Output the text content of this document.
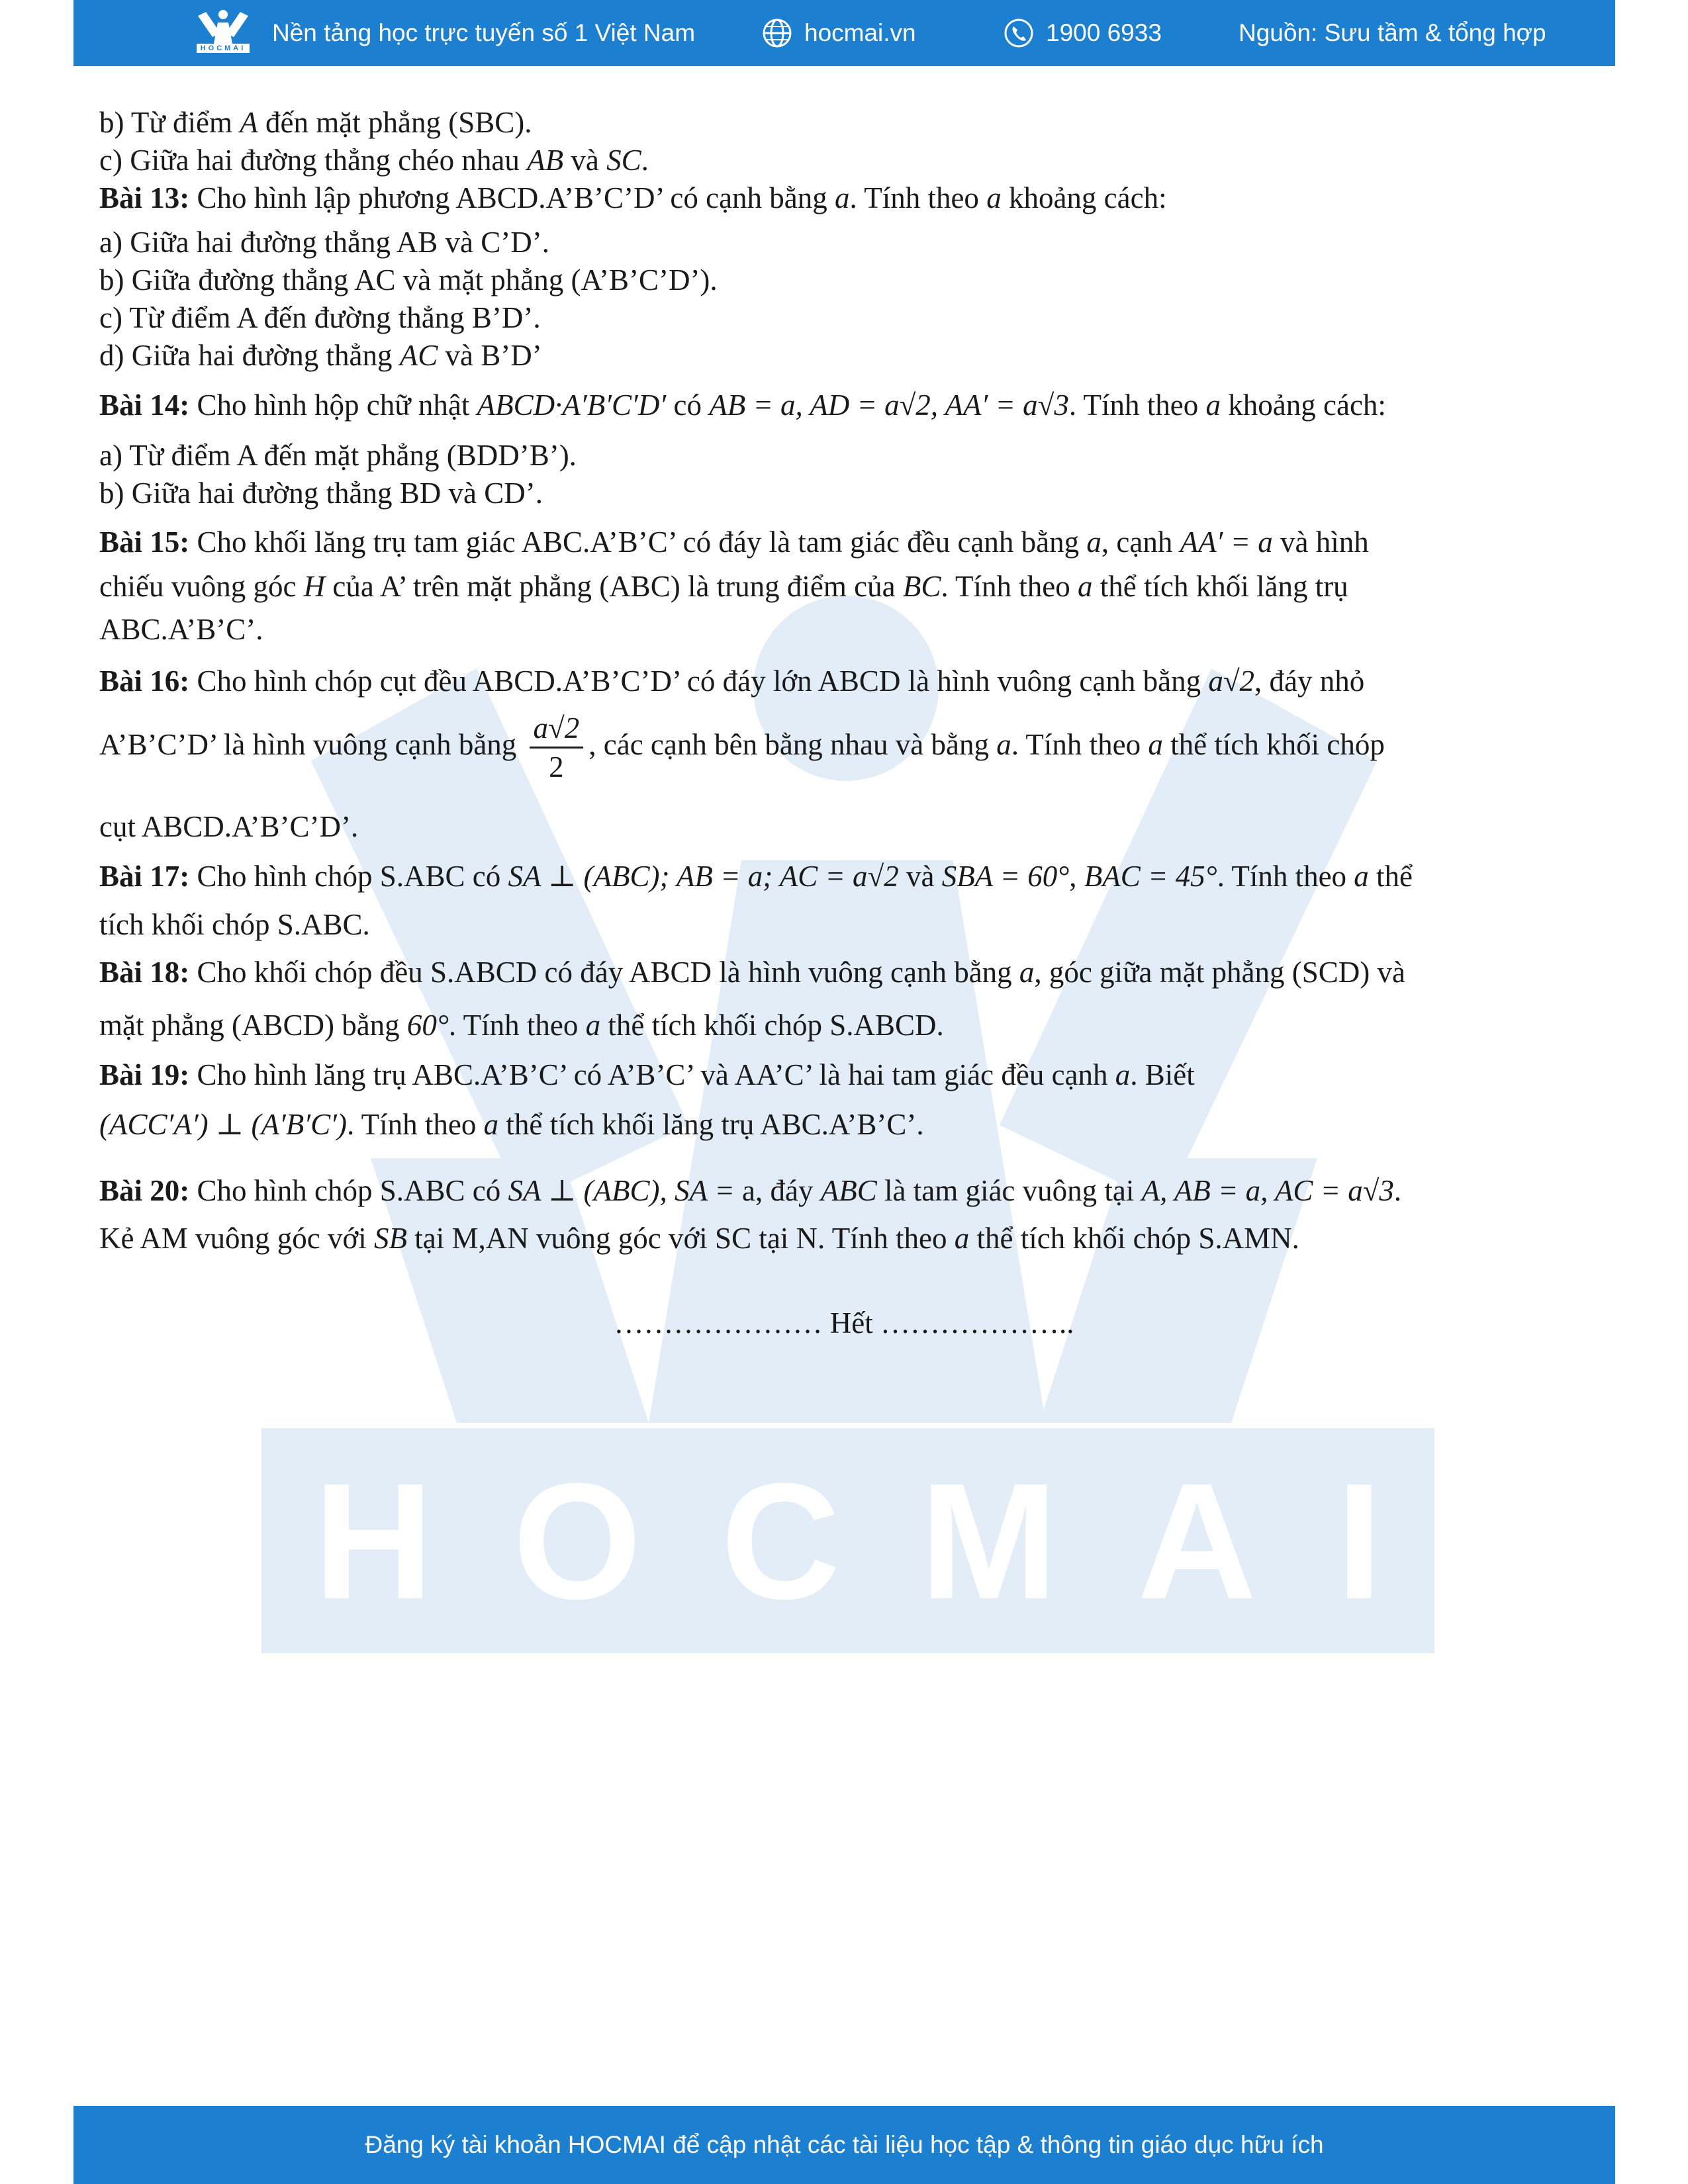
HOCMAI
HOCMAI
Nền tảng học trực tuyến số 1 Việt Nam	hocmai.vn	1900 6933	Nguồn: Sưu tầm & tổng hợp
b) Từ điểm A đến mặt phẳng (SBC).
c) Giữa hai đường thẳng chéo nhau AB và SC.
Bài 13: Cho hình lập phương ABCD.A’B’C’D’ có cạnh bằng a. Tính theo a khoảng cách:
a) Giữa hai đường thẳng AB và C’D’.
b) Giữa đường thẳng AC và mặt phẳng (A’B’C’D’).
c) Từ điểm A đến đường thẳng B’D’.
d) Giữa hai đường thẳng AC và B’D’
Bài 14: Cho hình hộp chữ nhật ABCD·A′B′C′D′ có AB = a, AD = a√2, AA′ = a√3. Tính theo a khoảng cách:
a) Từ điểm A đến mặt phẳng (BDD’B’).
b) Giữa hai đường thẳng BD và CD’.
Bài 15: Cho khối lăng trụ tam giác ABC.A’B’C’ có đáy là tam giác đều cạnh bằng a, cạnh AA′ = a và hình
chiếu vuông góc H của A’ trên mặt phẳng (ABC) là trung điểm của BC. Tính theo a thể tích khối lăng trụ
ABC.A’B’C’.
Bài 16: Cho hình chóp cụt đều ABCD.A’B’C’D’ có đáy lớn ABCD là hình vuông cạnh bằng a√2, đáy nhỏ
A’B’C’D’ là hình vuông cạnh bằng $\frac{a√2}{2}$ , các cạnh bên bằng nhau và bằng a. Tính theo a thể tích khối chóp
cụt ABCD.A’B’C’D’.
Bài 17: Cho hình chóp S.ABC có SA ⊥ (ABC); AB = a; AC = a√2 và SBA = 60°, BAC = 45°. Tính theo a thể
tích khối chóp S.ABC.
Bài 18: Cho khối chóp đều S.ABCD có đáy ABCD là hình vuông cạnh bằng a, góc giữa mặt phẳng (SCD) và
mặt phẳng (ABCD) bằng 60°. Tính theo a thể tích khối chóp S.ABCD.
Bài 19: Cho hình lăng trụ ABC.A’B’C’ có A’B’C’ và AA’C’ là hai tam giác đều cạnh a. Biết
(ACC′A′) ⊥ (A′B′C′). Tính theo a thể tích khối lăng trụ ABC.A’B’C’.
Bài 20: Cho hình chóp S.ABC có SA ⊥ (ABC), SA = a, đáy ABC là tam giác vuông tại A, AB = a, AC = a√3.
Kẻ AM vuông góc với SB tại M,AN vuông góc với SC tại N. Tính theo a thể tích khối chóp S.AMN.
………………… Hết ………………..
Đăng ký tài khoản HOCMAI để cập nhật các tài liệu học tập & thông tin giáo dục hữu ích
